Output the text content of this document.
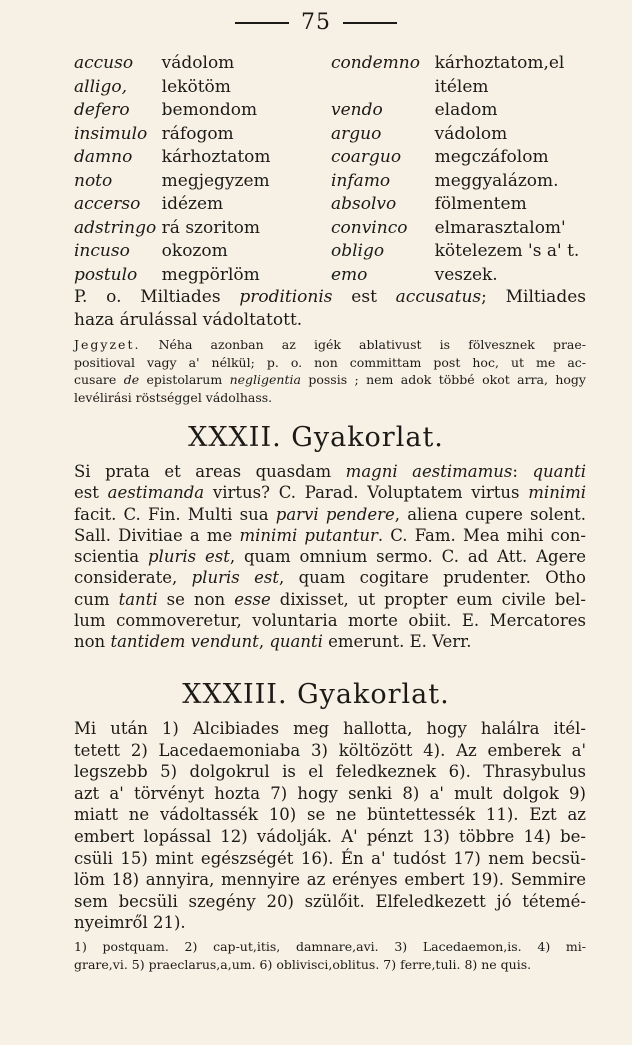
75
accuso	vádolom	condemno kárhoztatom,el
alligo,	lekötöm	itélem
defero	bemondom	vendo	eladom
insimulo ráfogom	arguo	vádolom
damno	kárhoztatom	coarguo	megczáfolom
noto	megjegyzem	infamo	meggyalázom.
accerso	idézem	absolvo	fölmentem
adstringo rá szoritom	convinco	elmarasztalom'
incuso	okozom	obligo	kötelezem 's a' t.
postulo	megpörlöm	emo	veszek.
P. o. Miltiades proditionis est accusatus; Miltiades
haza árulással vádoltatott.
Jegyzet. Néha azonban az igék ablativust is fölvesznek prae-
positioval vagy a' nélkül; p. o. non committam post hoc, ut me ac-
cusare de epistolarum negligentia possis ; nem adok többé okot arra, hogy
levélirási röstséggel vádolhass.
XXXII. Gyakorlat.
Si prata et areas quasdam magni aestimamus: quanti
est aestimanda virtus? C. Parad. Voluptatem virtus minimi
facit. C. Fin. Multi sua parvi pendere, aliena cupere solent.
Sall. Divitiae a me minimi putantur. C. Fam. Mea mihi con-
scientia pluris est, quam omnium sermo. C. ad Att. Agere
considerate, pluris est, quam cogitare prudenter. Otho
cum tanti se non esse dixisset, ut propter eum civile bel-
lum commoveretur, voluntaria morte obiit. E. Mercatores
non tantidem vendunt, quanti emerunt. E. Verr.
XXXIII. Gyakorlat.
Mi után 1) Alcibiades meg hallotta, hogy halálra itél-
tetett 2) Lacedaemoniaba 3) költözött 4). Az emberek a'
legszebb 5) dolgokrul is el feledkeznek 6). Thrasybulus
azt a' törvényt hozta 7) hogy senki 8) a' mult dolgok 9)
miatt ne vádoltassék 10) se ne büntettessék 11). Ezt az
embert lopással 12) vádolják. A' pénzt 13) többre 14) be-
csüli 15) mint egészségét 16). Én a' tudóst 17) nem becsü-
löm 18) annyira, mennyire az erényes embert 19). Semmire
sem becsüli szegény 20) szülőit. Elfeledkezett jó tétemé-
nyeimről 21).
1) postquam. 2) cap-ut,itis, damnare,avi. 3) Lacedaemon,is. 4) mi-
grare,vi. 5) praeclarus,a,um. 6) oblivisci,oblitus. 7) ferre,tuli. 8) ne quis.
